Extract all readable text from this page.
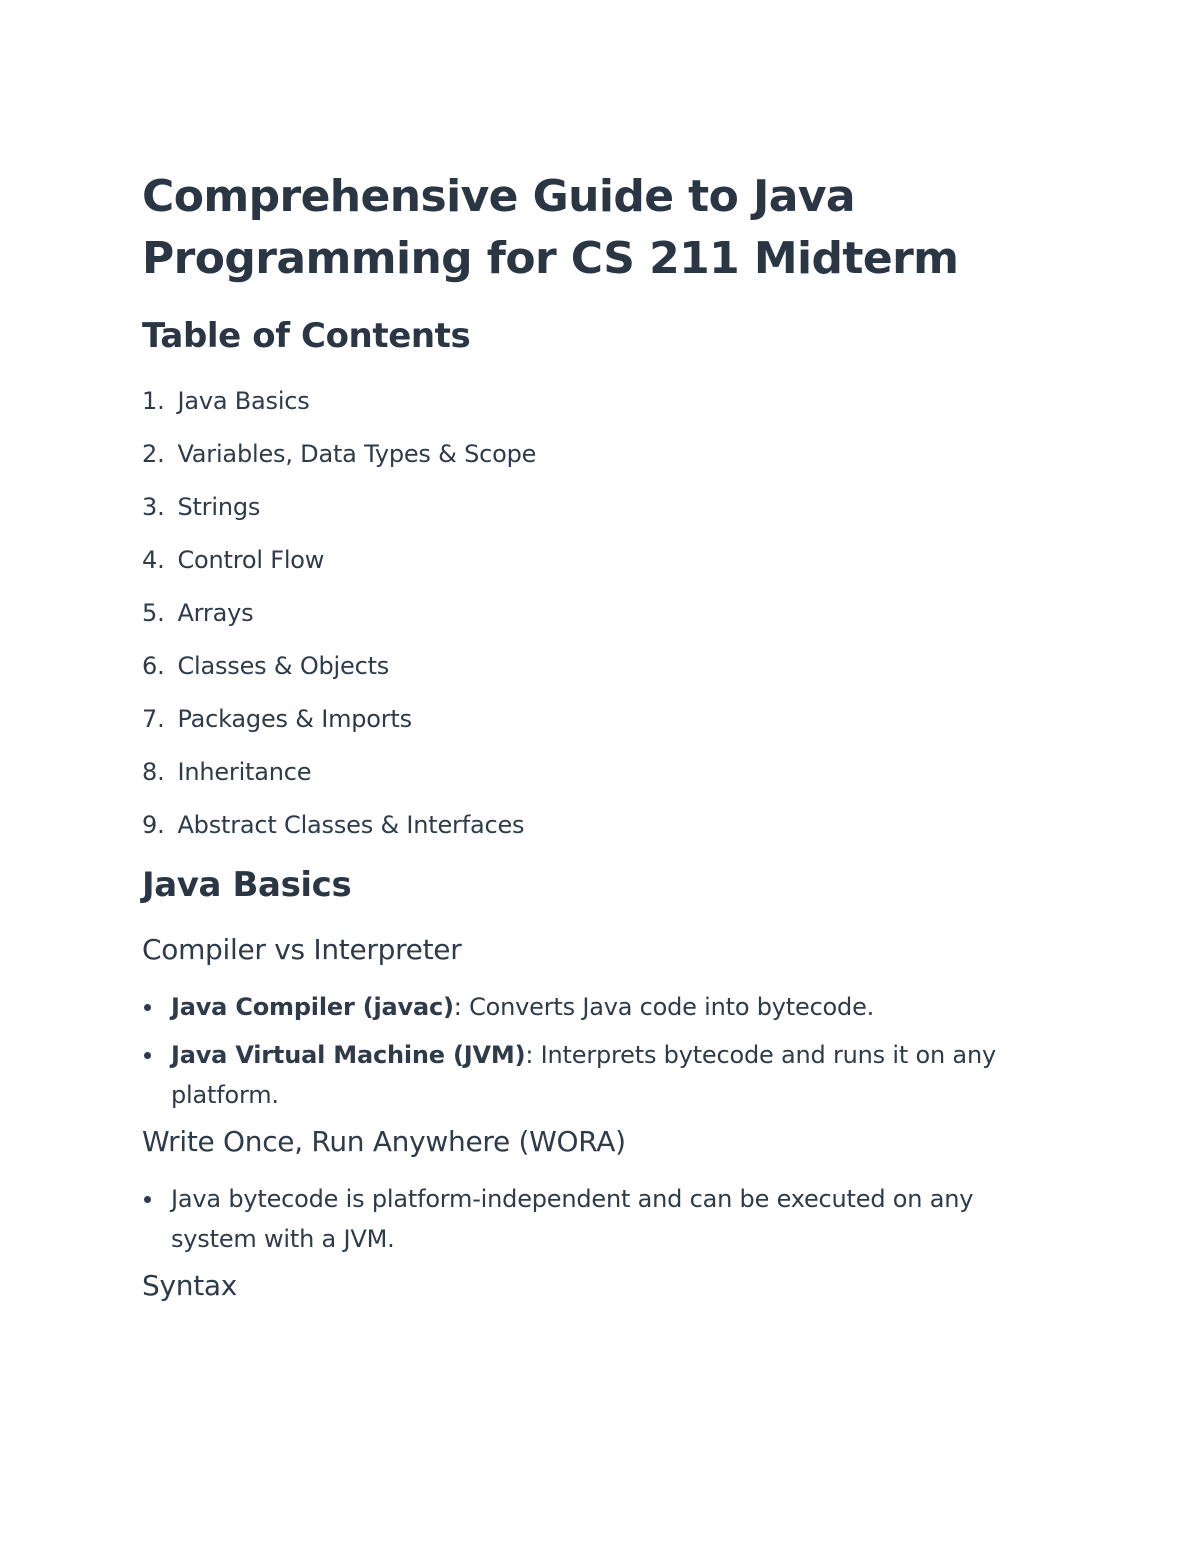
Comprehensive Guide to Java Programming for CS 211 Midterm
Table of Contents
1. Java Basics
2. Variables, Data Types & Scope
3. Strings
4. Control Flow
5. Arrays
6. Classes & Objects
7. Packages & Imports
8. Inheritance
9. Abstract Classes & Interfaces
Java Basics
Compiler vs Interpreter
Java Compiler (javac): Converts Java code into bytecode.
Java Virtual Machine (JVM): Interprets bytecode and runs it on any platform.
Write Once, Run Anywhere (WORA)
Java bytecode is platform-independent and can be executed on any system with a JVM.
Syntax
